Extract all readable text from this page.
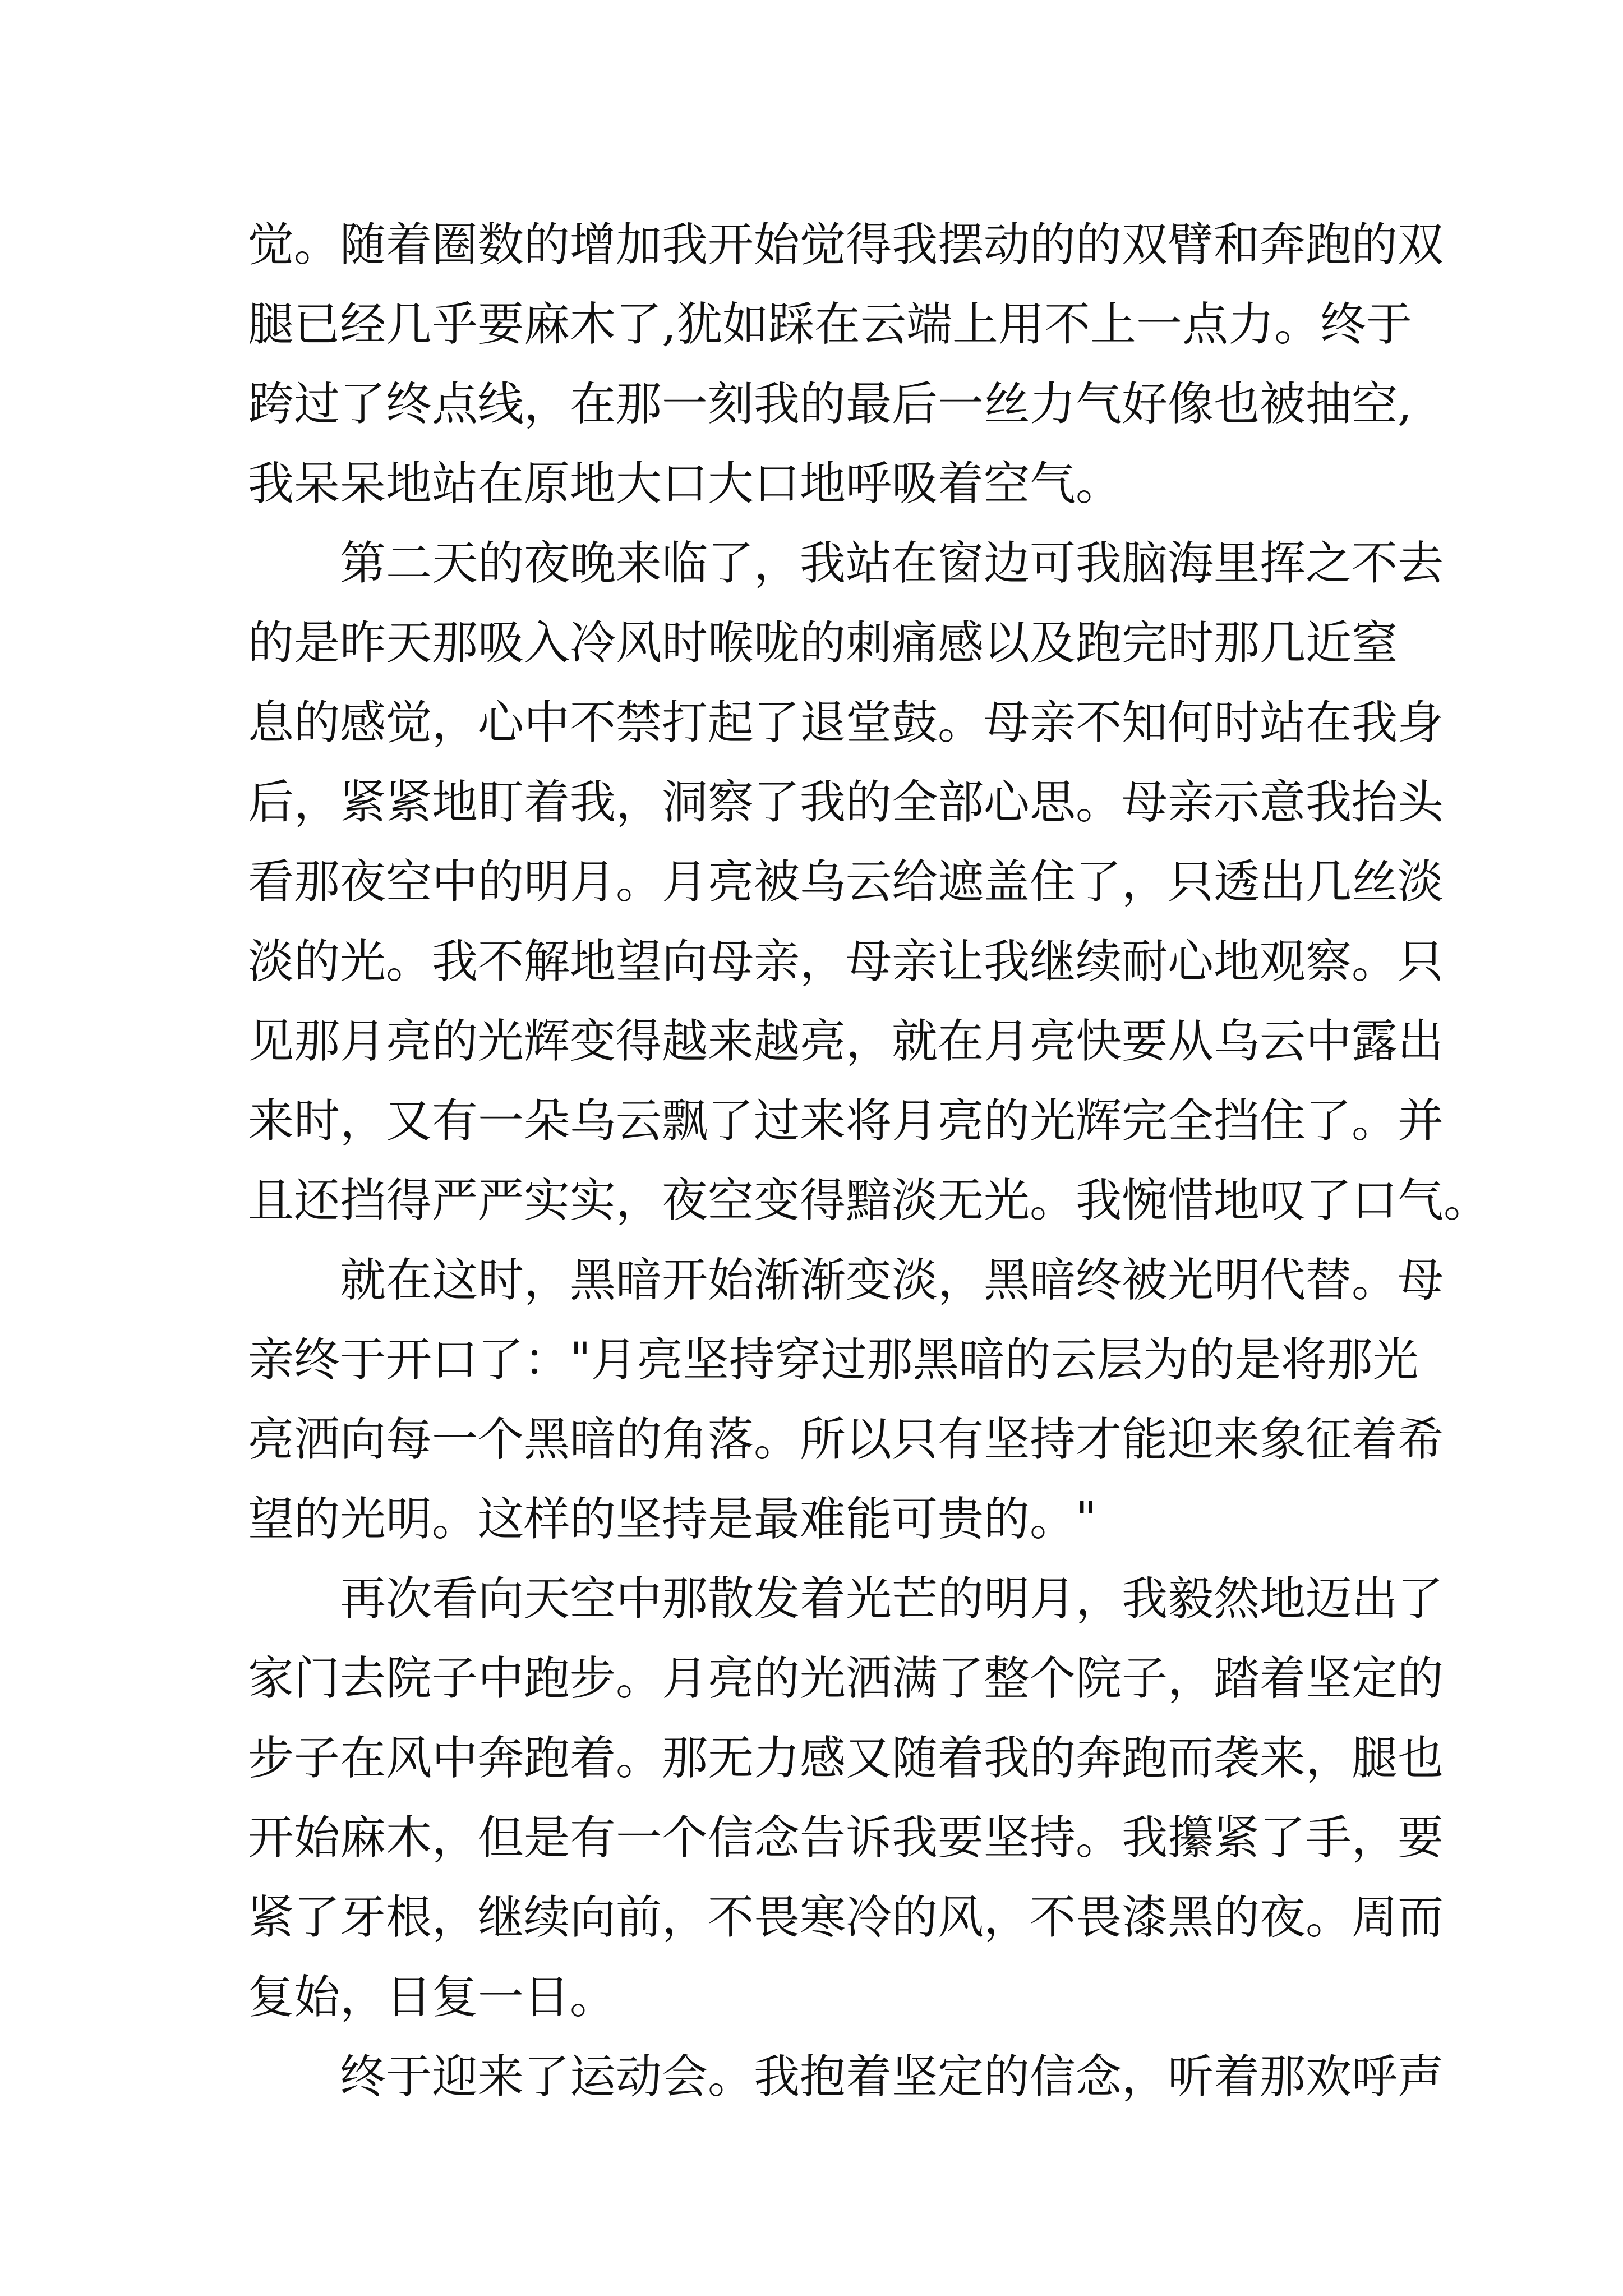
觉。随着圈数的增加我开始觉得我摆动的的双臂和奔跑的双
腿已经几乎要麻木了,犹如踩在云端上用不上一点力。终于
跨过了终点线，在那一刻我的最后一丝力气好像也被抽空,
我呆呆地站在原地大口大口地呼吸着空气。
第二天的夜晚来临了，我站在窗边可我脑海里挥之不去
的是昨天那吸入冷风时喉咙的刺痛感以及跑完时那几近窒
息的感觉，心中不禁打起了退堂鼓。母亲不知何时站在我身
后，紧紧地盯着我，洞察了我的全部心思。母亲示意我抬头
看那夜空中的明月。月亮被乌云给遮盖住了，只透出几丝淡
淡的光。我不解地望向母亲，母亲让我继续耐心地观察。只
见那月亮的光辉变得越来越亮，就在月亮快要从乌云中露出
来时，又有一朵乌云飘了过来将月亮的光辉完全挡住了。并
且还挡得严严实实，夜空变得黯淡无光。我惋惜地叹了口气。
就在这时，黑暗开始渐渐变淡，黑暗终被光明代替。母
亲终于开口了："月亮坚持穿过那黑暗的云层为的是将那光
亮洒向每一个黑暗的角落。所以只有坚持才能迎来象征着希
望的光明。这样的坚持是最难能可贵的。"
再次看向天空中那散发着光芒的明月，我毅然地迈出了
家门去院子中跑步。月亮的光洒满了整个院子，踏着坚定的
步子在风中奔跑着。那无力感又随着我的奔跑而袭来，腿也
开始麻木，但是有一个信念告诉我要坚持。我攥紧了手，要
紧了牙根，继续向前，不畏寒冷的风，不畏漆黑的夜。周而
复始，日复一日。
终于迎来了运动会。我抱着坚定的信念，听着那欢呼声
